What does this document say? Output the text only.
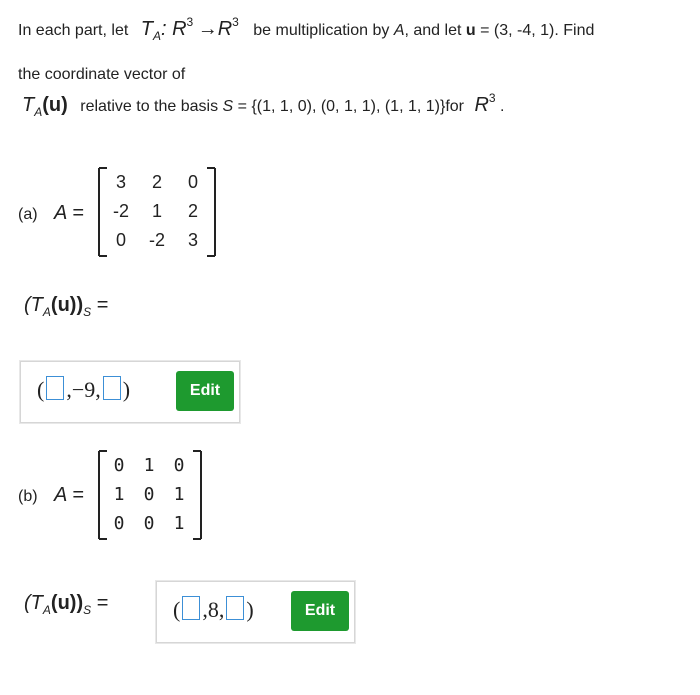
In each part, let $T_A$: $R^3 \to R^3$ be multiplication by A, and let u = (3, -4, 1). Find
the coordinate vector of
$T_A(u)$ relative to the basis S = {(1, 1, 0), (0, 1, 1), (1, 1, 1)}for $R^3$ .
(a) A =
3	2	0
-2	1	2
0	-2	3
$(T_A(u))_S$ =
( ,−9, )	Edit
(b) A =
0	1	0
1	0	1
0	0	1
$(T_A(u))_S$ =	( ,8, )	Edit
